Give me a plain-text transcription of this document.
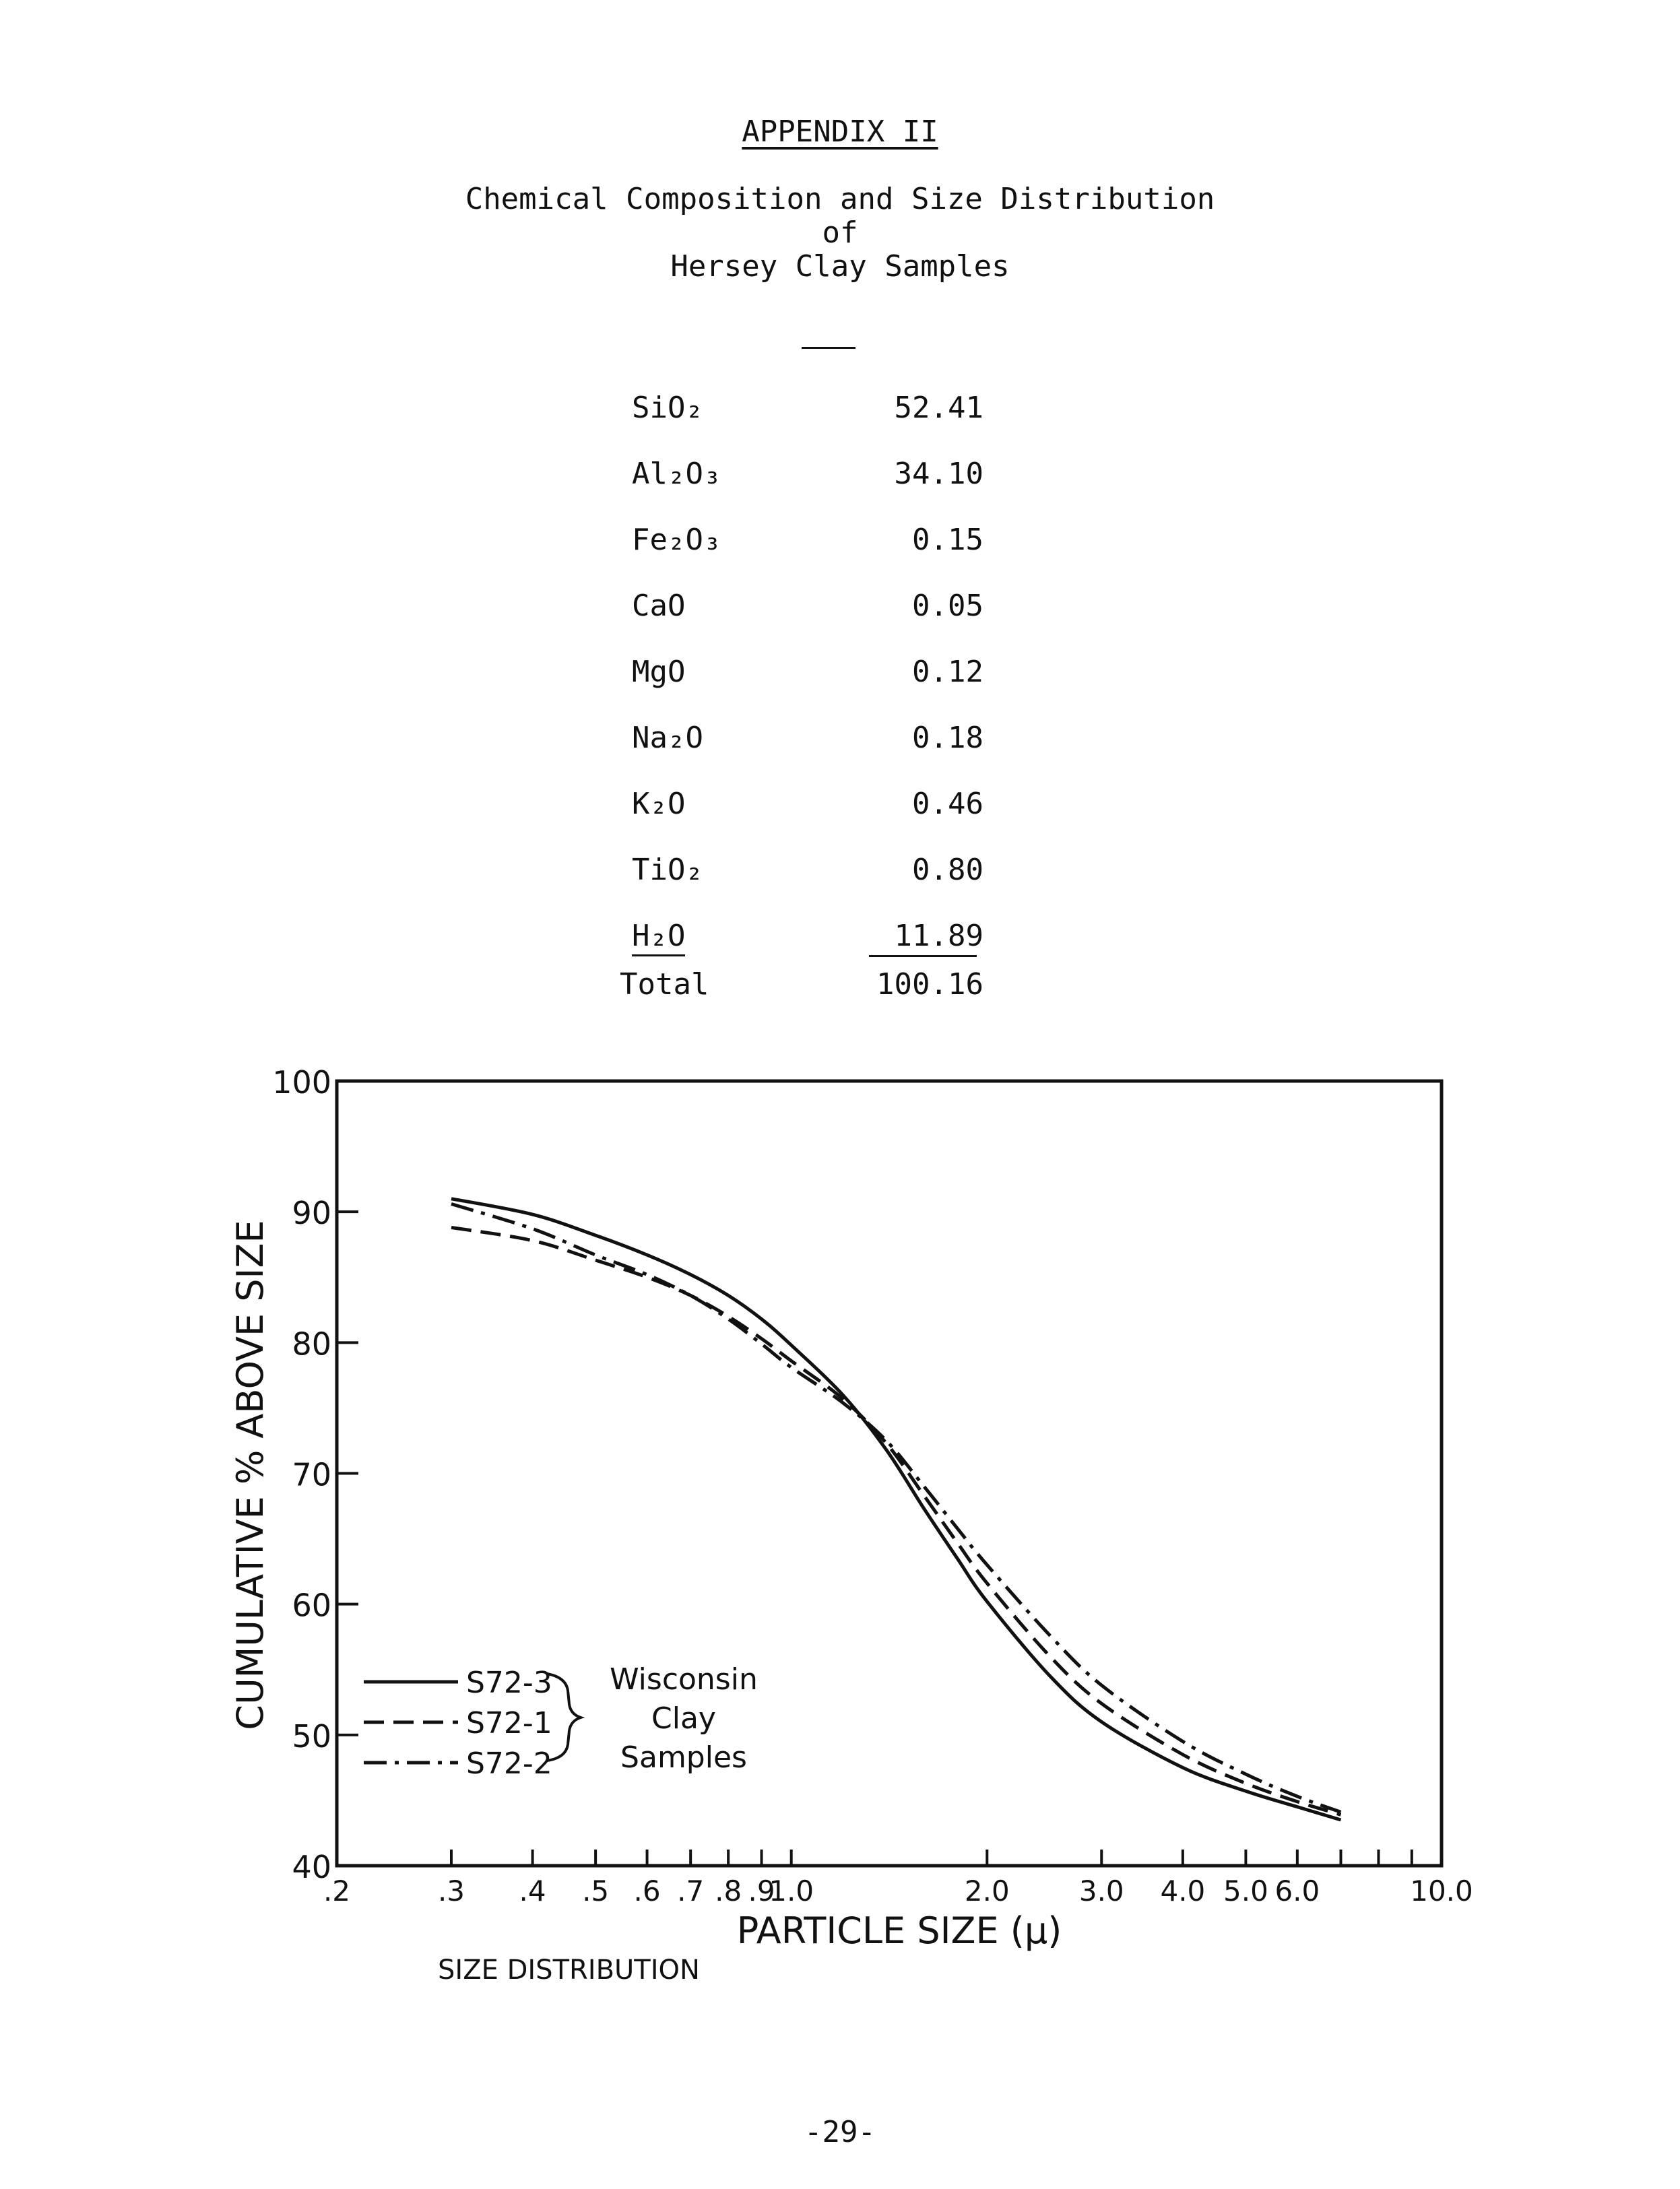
APPENDIX II
Chemical Composition and Size Distribution
of
Hersey Clay Samples
SiO₂	52.41
Al₂O₃	34.10
Fe₂O₃	0.15
CaO	0.05
MgO	0.12
Na₂O	0.18
K₂O	0.46
TiO₂	0.80
H₂O	11.89
Total	100.16
40
50
60
70
80
90
100
.2	.3 .4 .5 .6 .7 .8 .9
1.0	2.0 3.0 4.0 5.0 6.0	10.0
CUMULATIVE % ABOVE SIZE
PARTICLE SIZE (μ)
SIZE DISTRIBUTION
S72-3
S72-1
S72-2
Wisconsin
Clay
Samples
-29-
